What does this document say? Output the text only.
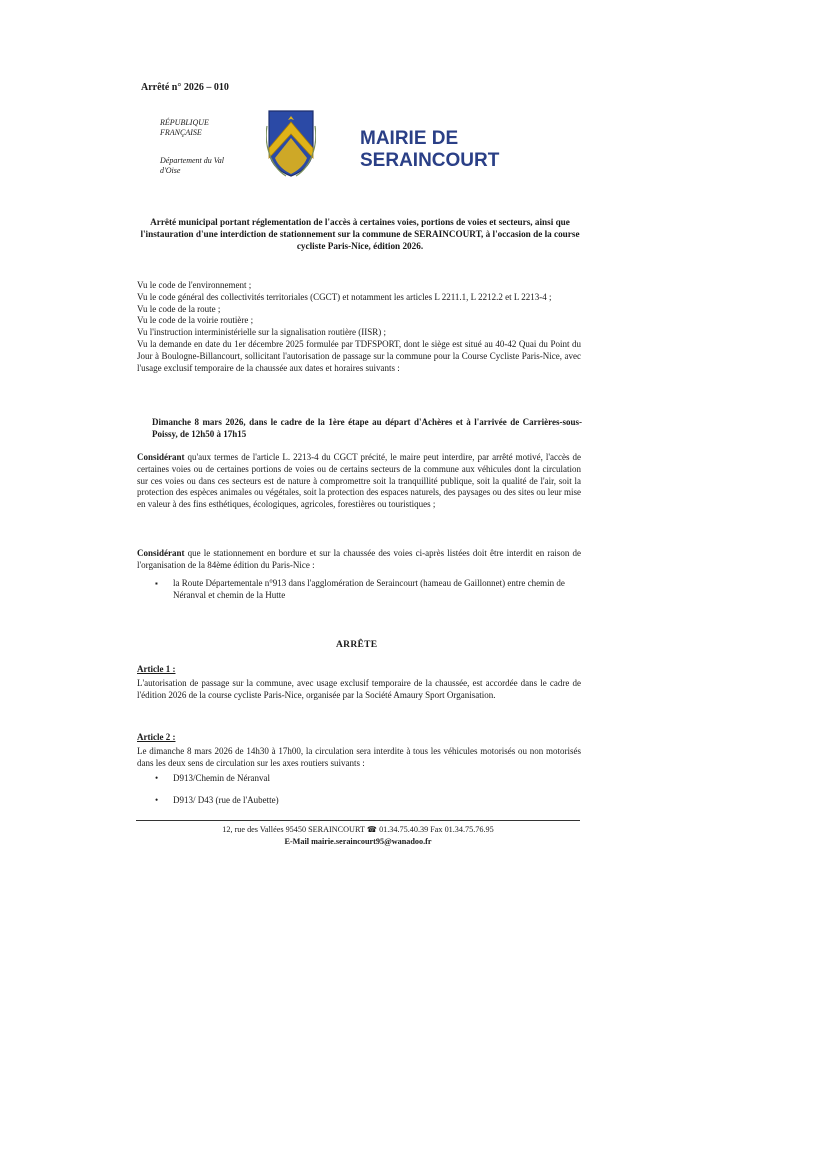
Arrêté n° 2026 – 010
RÉPUBLIQUE
FRANÇAISE
Département du Val
d'Oise
MAIRIE DE
SERAINCOURT
Arrêté municipal portant réglementation de l'accès à certaines voies, portions de voies et secteurs, ainsi que l'instauration d'une interdiction de stationnement sur la commune de SERAINCOURT, à l'occasion de la course cycliste Paris-Nice, édition 2026.

Vu le code de l'environnement ;

Vu le code général des collectivités territoriales (CGCT) et notamment les articles L 2211.1, L 2212.2 et L 2213-4 ;

Vu le code de la route ;

Vu le code de la voirie routière ;

Vu l'instruction interministérielle sur la signalisation routière (IISR) ;

Vu la demande en date du 1er décembre 2025 formulée par TDFSPORT, dont le siège est situé au 40-42 Quai du Point du Jour à Boulogne-Billancourt, sollicitant l'autorisation de passage sur la commune pour la Course Cycliste Paris-Nice, avec l'usage exclusif temporaire de la chaussée aux dates et horaires suivants :

Dimanche 8 mars 2026, dans le cadre de la 1ère étape au départ d'Achères et à l'arrivée de Carrières-sous-Poissy, de 12h50 à 17h15

Considérant qu'aux termes de l'article L. 2213-4 du CGCT précité, le maire peut interdire, par arrêté motivé, l'accès de certaines voies ou de certaines portions de voies ou de certains secteurs de la commune aux véhicules dont la circulation sur ces voies ou dans ces secteurs est de nature à compromettre soit la tranquillité publique, soit la qualité de l'air, soit la protection des espèces animales ou végétales, soit la protection des espaces naturels, des paysages ou des sites ou leur mise en valeur à des fins esthétiques, écologiques, agricoles, forestières ou touristiques ;

Considérant que le stationnement en bordure et sur la chaussée des voies ci-après listées doit être interdit en raison de l'organisation de la 84ème édition du Paris-Nice :

▪ la Route Départementale n°913 dans l'agglomération de Seraincourt (hameau de Gaillonnet) entre chemin de Néranval et chemin de la Hutte
ARRÊTE
Article 1 :

L'autorisation de passage sur la commune, avec usage exclusif temporaire de la chaussée, est accordée dans le cadre de l'édition 2026 de la course cycliste Paris-Nice, organisée par la Société Amaury Sport Organisation.

Article 2 :

Le dimanche 8 mars 2026 de 14h30 à 17h00, la circulation sera interdite à tous les véhicules motorisés ou non motorisés dans les deux sens de circulation sur les axes routiers suivants :

• D913/Chemin de Néranval
• D913/ D43 (rue de l'Aubette)
12, rue des Vallées 95450 SERAINCOURT ☎ 01.34.75.40.39 Fax 01.34.75.76.95
E-Mail mairie.seraincourt95@wanadoo.fr
